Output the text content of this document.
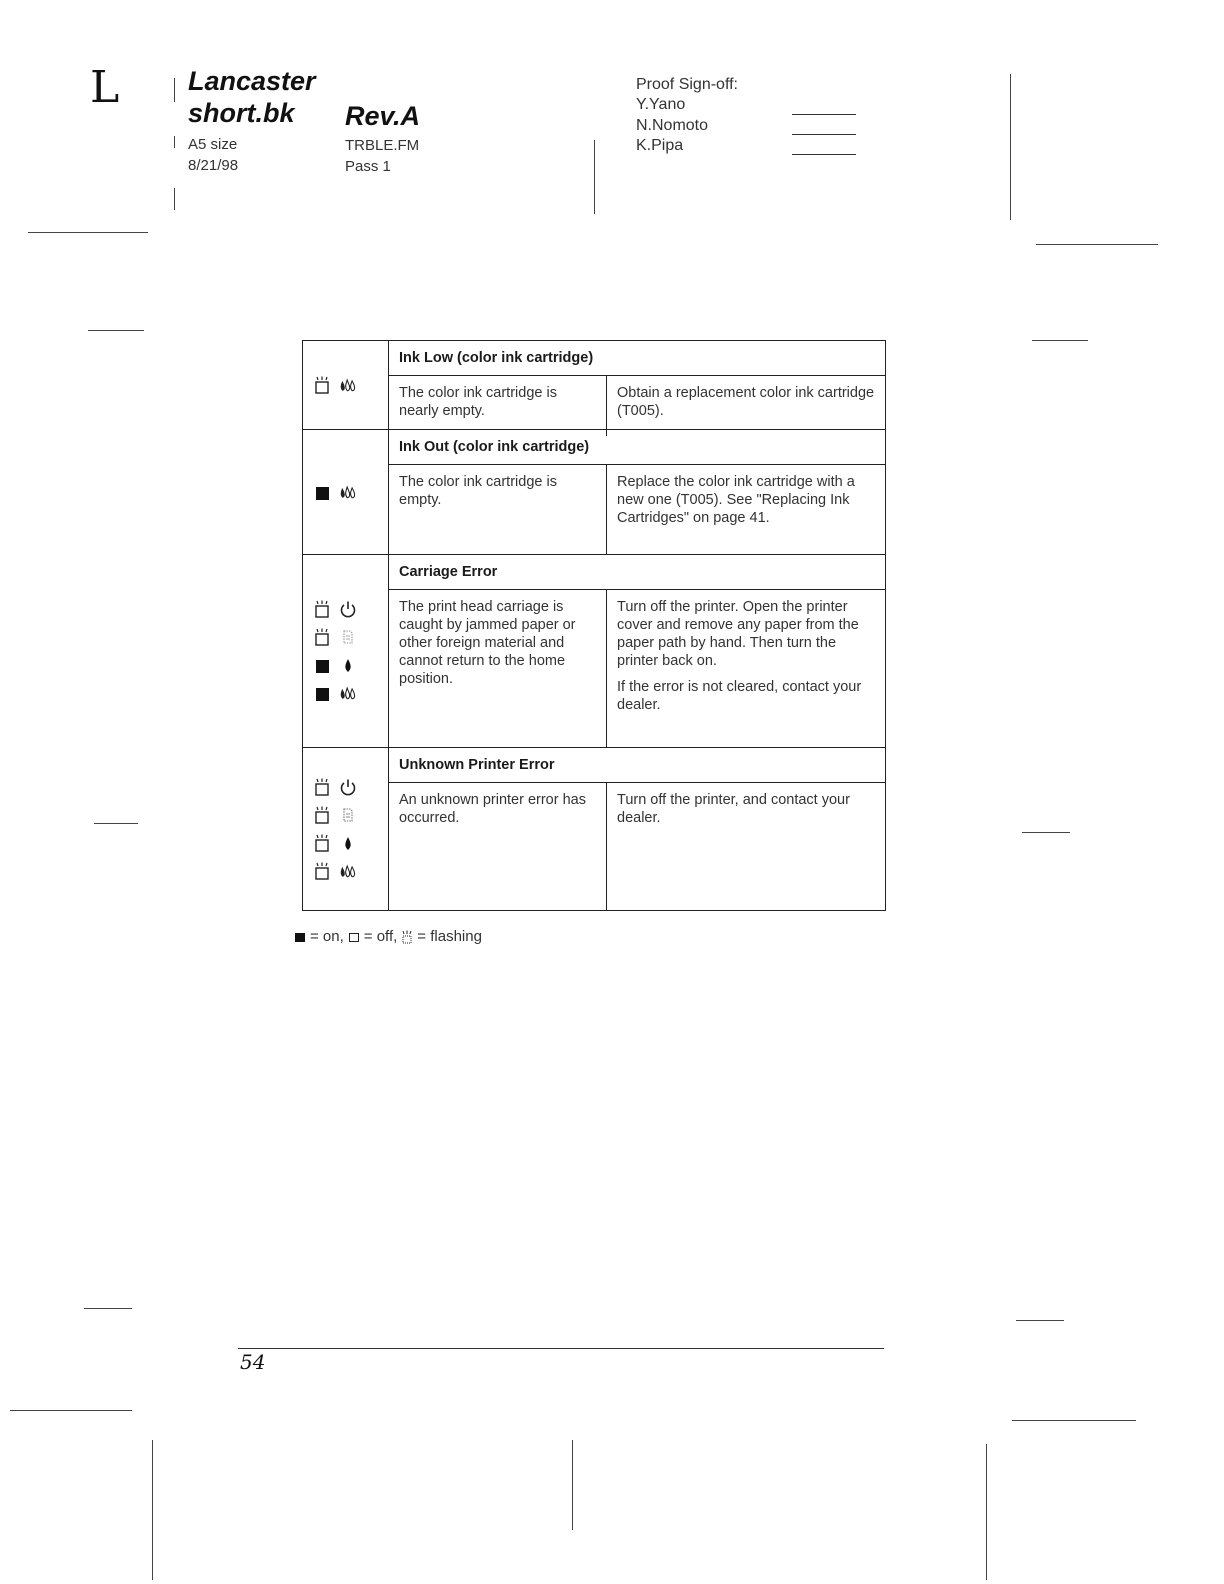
L	Lancaster
short.bk Rev.A
A5 size
8/21/98
TRBLE.FM
Pass 1
Proof Sign-off:
Y.Yano
N.Nomoto
K.Pipa
Ink Low (color ink cartridge)
The color ink cartridge is nearly empty.

Obtain a replacement color ink cartridge (T005).

Ink Out (color ink cartridge)
The color ink cartridge is empty.

Replace the color ink cartridge with a new one (T005). See "Replacing Ink Cartridges" on page 41.

Carriage Error
The print head carriage is caught by jammed paper or other foreign material and cannot return to the home position.

Turn off the printer. Open the printer cover and remove any paper from the paper path by hand. Then turn the printer back on.

If the error is not cleared, contact your dealer.

Unknown Printer Error
An unknown printer error has occurred.

Turn off the printer, and contact your dealer.

= on, = off, = flashing
54
